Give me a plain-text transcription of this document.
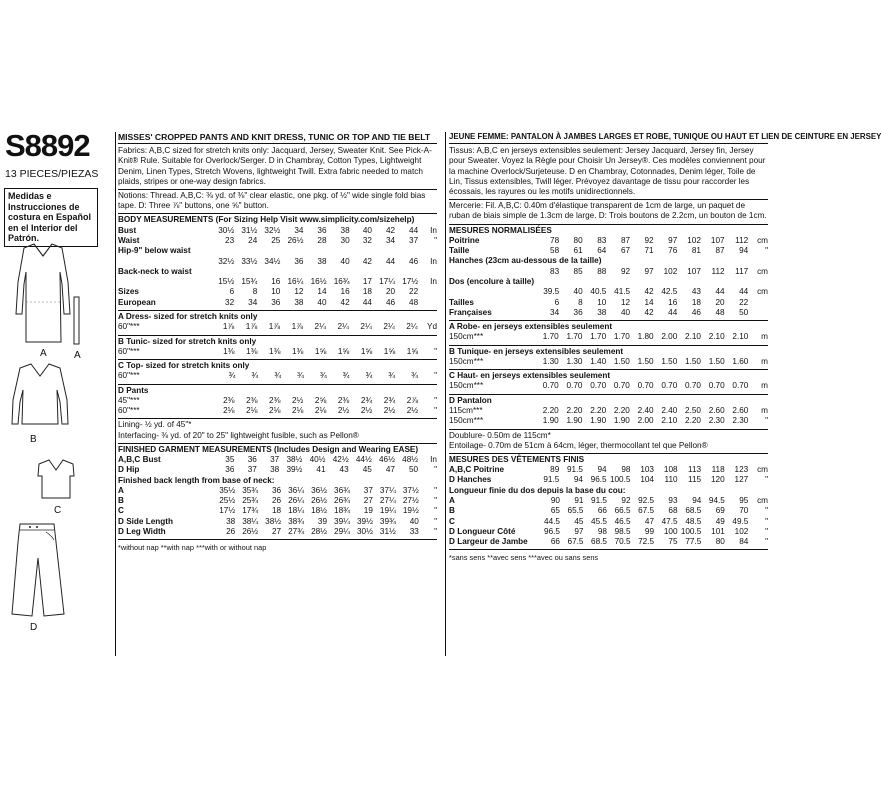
S8892
13 PIECES/PIEZAS
Medidas e Instrucciones de costura en Español en el Interior del Patrón.
A	A
B
C
D
MISSES' CROPPED PANTS AND KNIT DRESS, TUNIC OR TOP AND TIE BELT
Fabrics: A,B,C sized for stretch knits only: Jacquard, Jersey, Sweater Knit. See Pick-A-Knit® Rule. Suitable for Overlock/Serger. D in Chambray, Cotton Types, Lightweight Denim, Linen Types, Stretch Wovens, lightweight Twill. Extra fabric needed to match plaids, stripes or one-way design fabrics.
Notions: Thread. A,B,C: ⅜ yd. of ⅜" clear elastic, one pkg. of ½" wide single fold bias tape. D: Three ⅞" buttons, one ⅝" button.
BODY MEASUREMENTS (For Sizing Help Visit www.simplicity.com/sizehelp)
Bust	30½	31½	32½	34	36	38	40	42	44	In
Waist	23	24	25	26½	28	30	32	34	37	"
Hip-9" below waist										
	32½	33½	34½	36	38	40	42	44	46	In
Back-neck to waist										
	15½	15¾	16	16¼	16½	16¾	17	17¼	17½	In
Sizes	6	8	10	12	14	16	18	20	22	
European	32	34	36	38	40	42	44	46	48	
A Dress- sized for stretch knits only
60"***	1⅞	1⅞	1⅞	1⅞	2¼	2¼	2¼	2¼	2¼	Yd
B Tunic- sized for stretch knits only
60"***	1⅜	1⅜	1⅜	1⅜	1⅝	1⅝	1⅝	1⅝	1⅝	"
C Top- sized for stretch knits only
60"***	¾	¾	¾	¾	¾	¾	¾	¾	¾	"
D Pants
45"***	2⅜	2⅜	2⅜	2½	2⅝	2⅜	2¾	2¾	2⅞	"
60"***	2⅛	2⅛	2⅛	2⅛	2⅛	2½	2½	2½	2½	"
Lining- ½ yd. of 45"*
Interfacing- ⅜ yd. of 20" to 25" lightweight fusible, such as Pellon®
FINISHED GARMENT MEASUREMENTS (Includes Design and Wearing EASE)
A,B,C Bust	35	36	37	38½	40½	42½	44½	46½	48½	In
D Hip	36	37	38	39½	41	43	45	47	50	"
Finished back length from base of neck:
A	35½	35¾	36	36¼	36½	36¾	37	37¼	37½	"
B	25½	25¾	26	26¼	26½	26¾	27	27¼	27½	"
C	17½	17¾	18	18¼	18½	18¾	19	19¼	19½	"
D Side Length	38	38¼	38½	38¾	39	39¼	39½	39¾	40	"
D Leg Width	26	26½	27	27¾	28½	29¼	30½	31½	33	"
*without nap **with nap ***with or without nap
JEUNE FEMME: PANTALON À JAMBES LARGES ET ROBE, TUNIQUE OU HAUT ET LIEN DE CEINTURE EN JERSEY
Tissus: A,B,C en jerseys extensibles seulement: Jersey Jacquard, Jersey fin, Jersey pour Sweater. Voyez la Règle pour Choisir Un Jersey®. Ces modèles conviennent pour la machine Overlock/Surjeteuse. D en Chambray, Cotonnades, Denim léger, Toile de Lin, Tissus extensibles, Twill léger. Prévoyez davantage de tissu pour raccorder les écossais, les rayures ou les motifs unidirectionnels.
Mercerie: Fil. A,B,C: 0.40m d'élastique transparent de 1cm de large, un paquet de ruban de biais simple de 1.3cm de large. D: Trois boutons de 2.2cm, un bouton de 1cm.
MESURES NORMALISÉES
Poitrine	78	80	83	87	92	97	102	107	112	cm
Taille	58	61	64	67	71	76	81	87	94	"
Hanches (23cm au-dessous de la taille)										
	83	85	88	92	97	102	107	112	117	cm
Dos (encolure à taille)										
	39.5	40	40.5	41.5	42	42.5	43	44	44	cm
Tailles	6	8	10	12	14	16	18	20	22	
Françaises	34	36	38	40	42	44	46	48	50	
A Robe- en jerseys extensibles seulement
150cm***	1.70	1.70	1.70	1.70	1.80	2.00	2.10	2.10	2.10	m
B Tunique- en jerseys extensibles seulement
150cm***	1.30	1.30	1.40	1.50	1.50	1.50	1.50	1.50	1.60	m
C Haut- en jerseys extensibles seulement
150cm***	0.70	0.70	0.70	0.70	0.70	0.70	0.70	0.70	0.70	m
D Pantalon
115cm***	2.20	2.20	2.20	2.20	2.40	2.40	2.50	2.60	2.60	m
150cm***	1.90	1.90	1.90	1.90	2.00	2.10	2.20	2.30	2.30	"
Doublure- 0.50m de 115cm*
Entoilage- 0.70m de 51cm à 64cm, léger, thermocollant tel que Pellon®
MESURES DES VÊTEMENTS FINIS
A,B,C Poitrine	89	91.5	94	98	103	108	113	118	123	cm
D Hanches	91.5	94	96.5	100.5	104	110	115	120	127	"
Longueur finie du dos depuis la base du cou:
A	90	91	91.5	92	92.5	93	94	94.5	95	cm
B	65	65.5	66	66.5	67.5	68	68.5	69	70	"
C	44.5	45	45.5	46.5	47	47.5	48.5	49	49.5	"
D Longueur Côté	96.5	97	98	98.5	99	100	100.5	101	102	"
D Largeur de Jambe	66	67.5	68.5	70.5	72.5	75	77.5	80	84	"
*sans sens **avec sens ***avec ou sans sens
